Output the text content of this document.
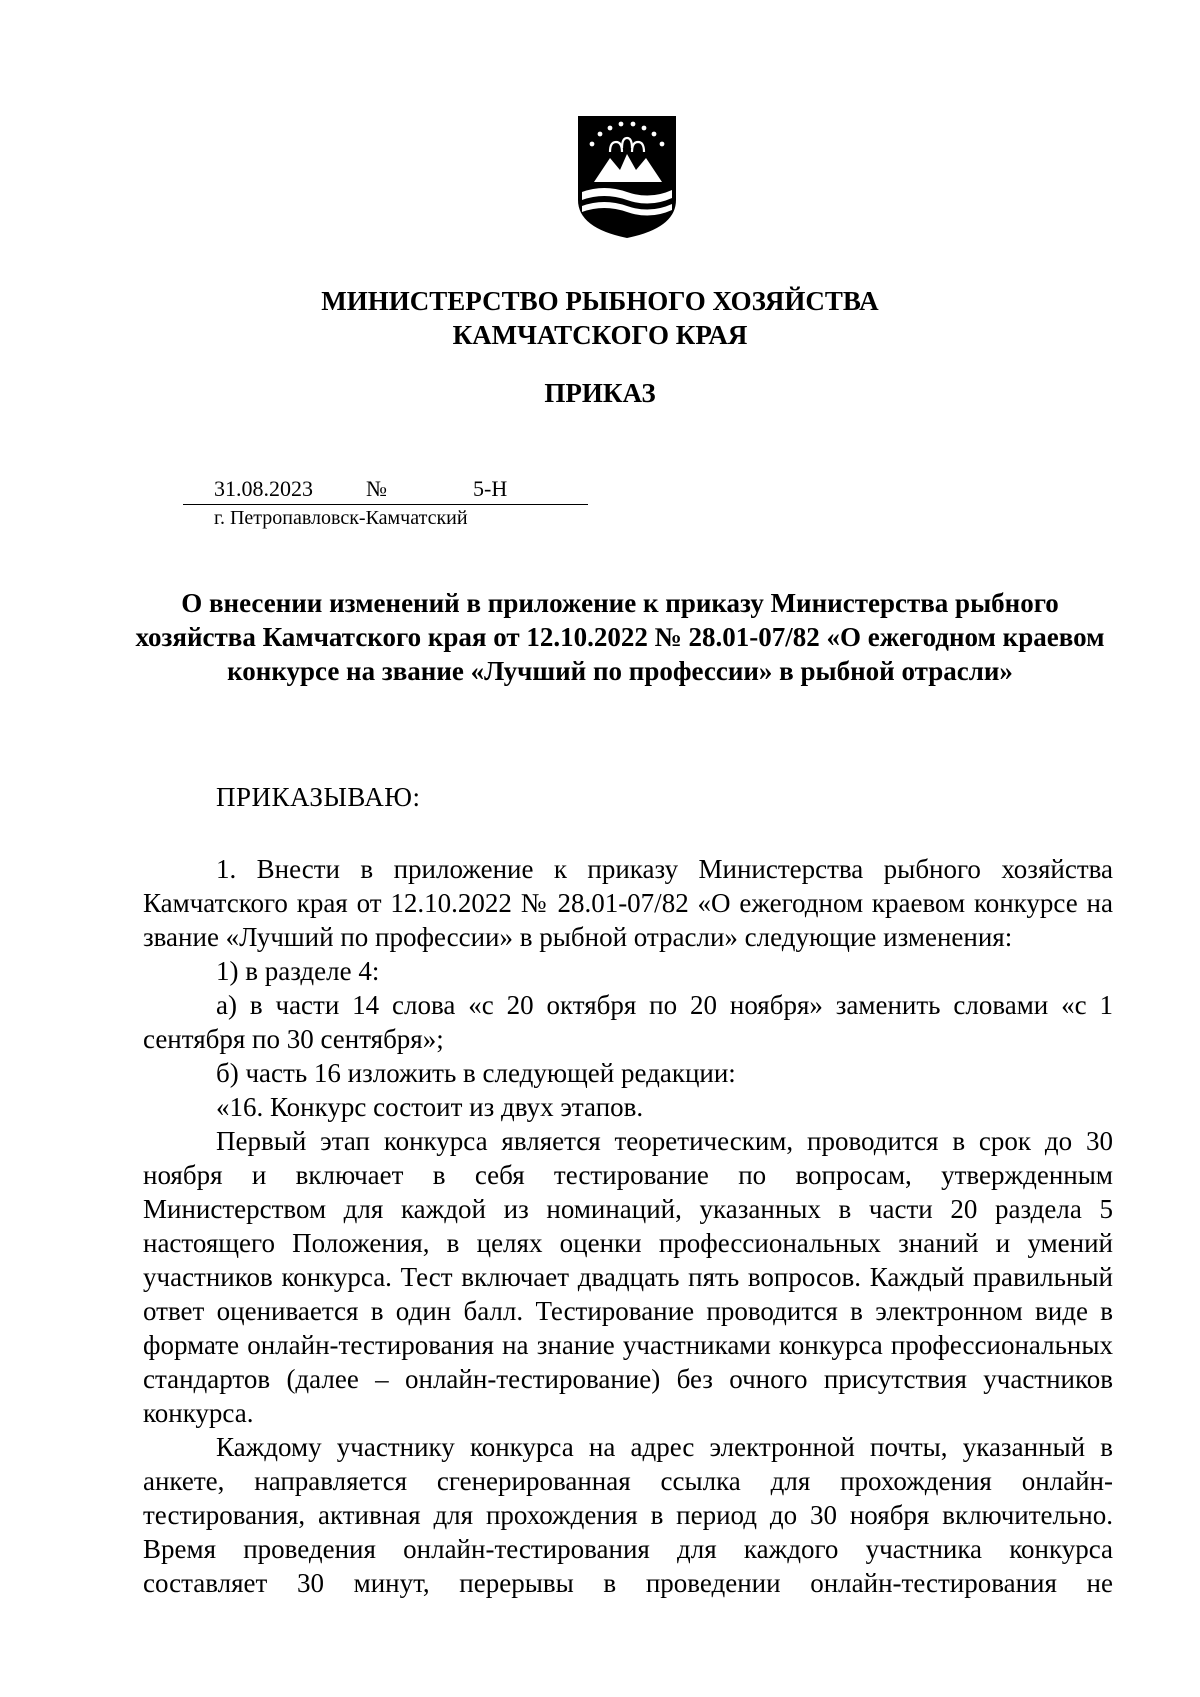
МИНИСТЕРСТВО РЫБНОГО ХОЗЯЙСТВА
КАМЧАТСКОГО КРАЯ
ПРИКАЗ
31.08.2023 №	5-Н
г. Петропавловск-Камчатский
О внесении изменений в приложение к приказу Министерства рыбного хозяйства Камчатского края от 12.10.2022 № 28.01-07/82 «О ежегодном краевом конкурсе на звание «Лучший по профессии» в рыбной отрасли»
ПРИКАЗЫВАЮ:

1. Внести в приложение к приказу Министерства рыбного хозяйства Камчатского края от 12.10.2022 № 28.01-07/82 «О ежегодном краевом конкурсе на звание «Лучший по профессии» в рыбной отрасли» следующие изменения:

1) в разделе 4:

а) в части 14 слова «с 20 октября по 20 ноября» заменить словами «с 1 сентября по 30 сентября»;

б) часть 16 изложить в следующей редакции:

«16. Конкурс состоит из двух этапов.

Первый этап конкурса является теоретическим, проводится в срок до 30 ноября и включает в себя тестирование по вопросам, утвержденным Министерством для каждой из номинаций, указанных в части 20 раздела 5 настоящего Положения, в целях оценки профессиональных знаний и умений участников конкурса. Тест включает двадцать пять вопросов. Каждый правильный ответ оценивается в один балл. Тестирование проводится в электронном виде в формате онлайн-тестирования на знание участниками конкурса профессиональных стандартов (далее – онлайн-тестирование) без очного присутствия участников конкурса.

Каждому участнику конкурса на адрес электронной почты, указанный в анкете, направляется сгенерированная ссылка для прохождения онлайн-тестирования, активная для прохождения в период до 30 ноября включительно. Время проведения онлайн-тестирования для каждого участника конкурса составляет 30 минут, перерывы в проведении онлайн-тестирования не
